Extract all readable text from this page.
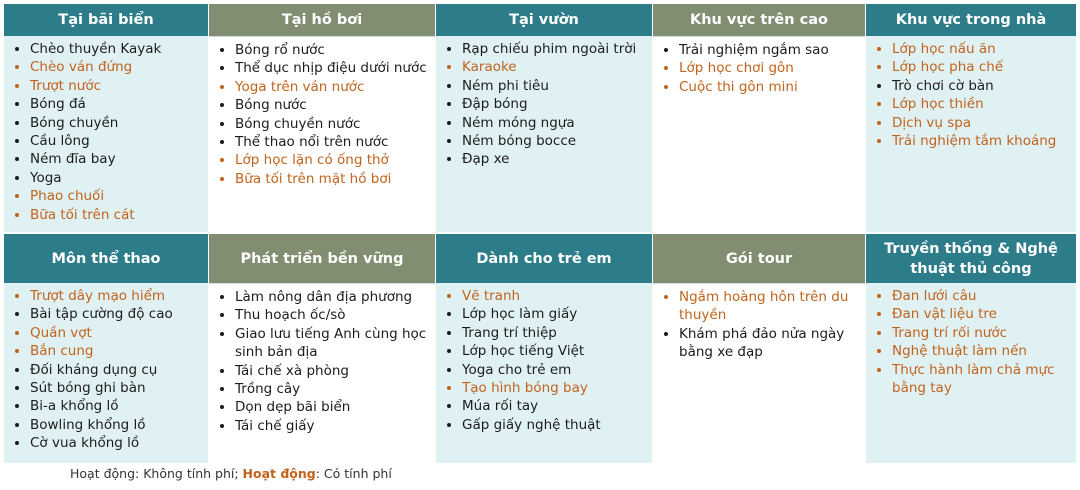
Tại bãi biển
Chèo thuyền Kayak
Chèo ván đứng
Trượt nước
Bóng đá
Bóng chuyền
Cầu lông
Ném đĩa bay
Yoga
Phao chuối
Bữa tối trên cát
Tại hồ bơi
Bóng rổ nước
Thể dục nhịp điệu dưới nước
Yoga trên ván nước
Bóng nước
Bóng chuyền nước
Thể thao nổi trên nước
Lớp học lặn có ống thở
Bữa tối trên mặt hồ bơi
Tại vườn
Rạp chiếu phim ngoài trời
Karaoke
Ném phi tiêu
Đập bóng
Ném móng ngựa
Ném bóng bocce
Đạp xe
Khu vực trên cao
Trải nghiệm ngắm sao
Lớp học chơi gôn
Cuộc thi gôn mini
Khu vực trong nhà
Lớp học nấu ăn
Lớp học pha chế
Trò chơi cờ bàn
Lớp học thiền
Dịch vụ spa
Trải nghiệm tắm khoáng
Môn thể thao
Trượt dây mạo hiểm
Bài tập cường độ cao
Quần vợt
Bắn cung
Đối kháng dụng cụ
Sút bóng ghi bàn
Bi-a khổng lồ
Bowling khổng lồ
Cờ vua khổng lồ
Phát triển bền vững
Làm nông dân địa phương
Thu hoạch ốc/sò
Giao lưu tiếng Anh cùng học sinh bản địa
Tái chế xà phòng
Trồng cây
Dọn dẹp bãi biển
Tái chế giấy
Dành cho trẻ em
Vẽ tranh
Lớp học làm giấy
Trang trí thiệp
Lớp học tiếng Việt
Yoga cho trẻ em
Tạo hình bóng bay
Múa rối tay
Gấp giấy nghệ thuật
Gói tour
Ngắm hoàng hôn trên du thuyền
Khám phá đảo nửa ngày bằng xe đạp
Truyền thống & Nghệ thuật thủ công
Đan lưới câu
Đan vật liệu tre
Trang trí rối nước
Nghệ thuật làm nến
Thực hành làm chả mực bằng tay
Hoạt động: Không tính phí; Hoạt động: Có tính phí
